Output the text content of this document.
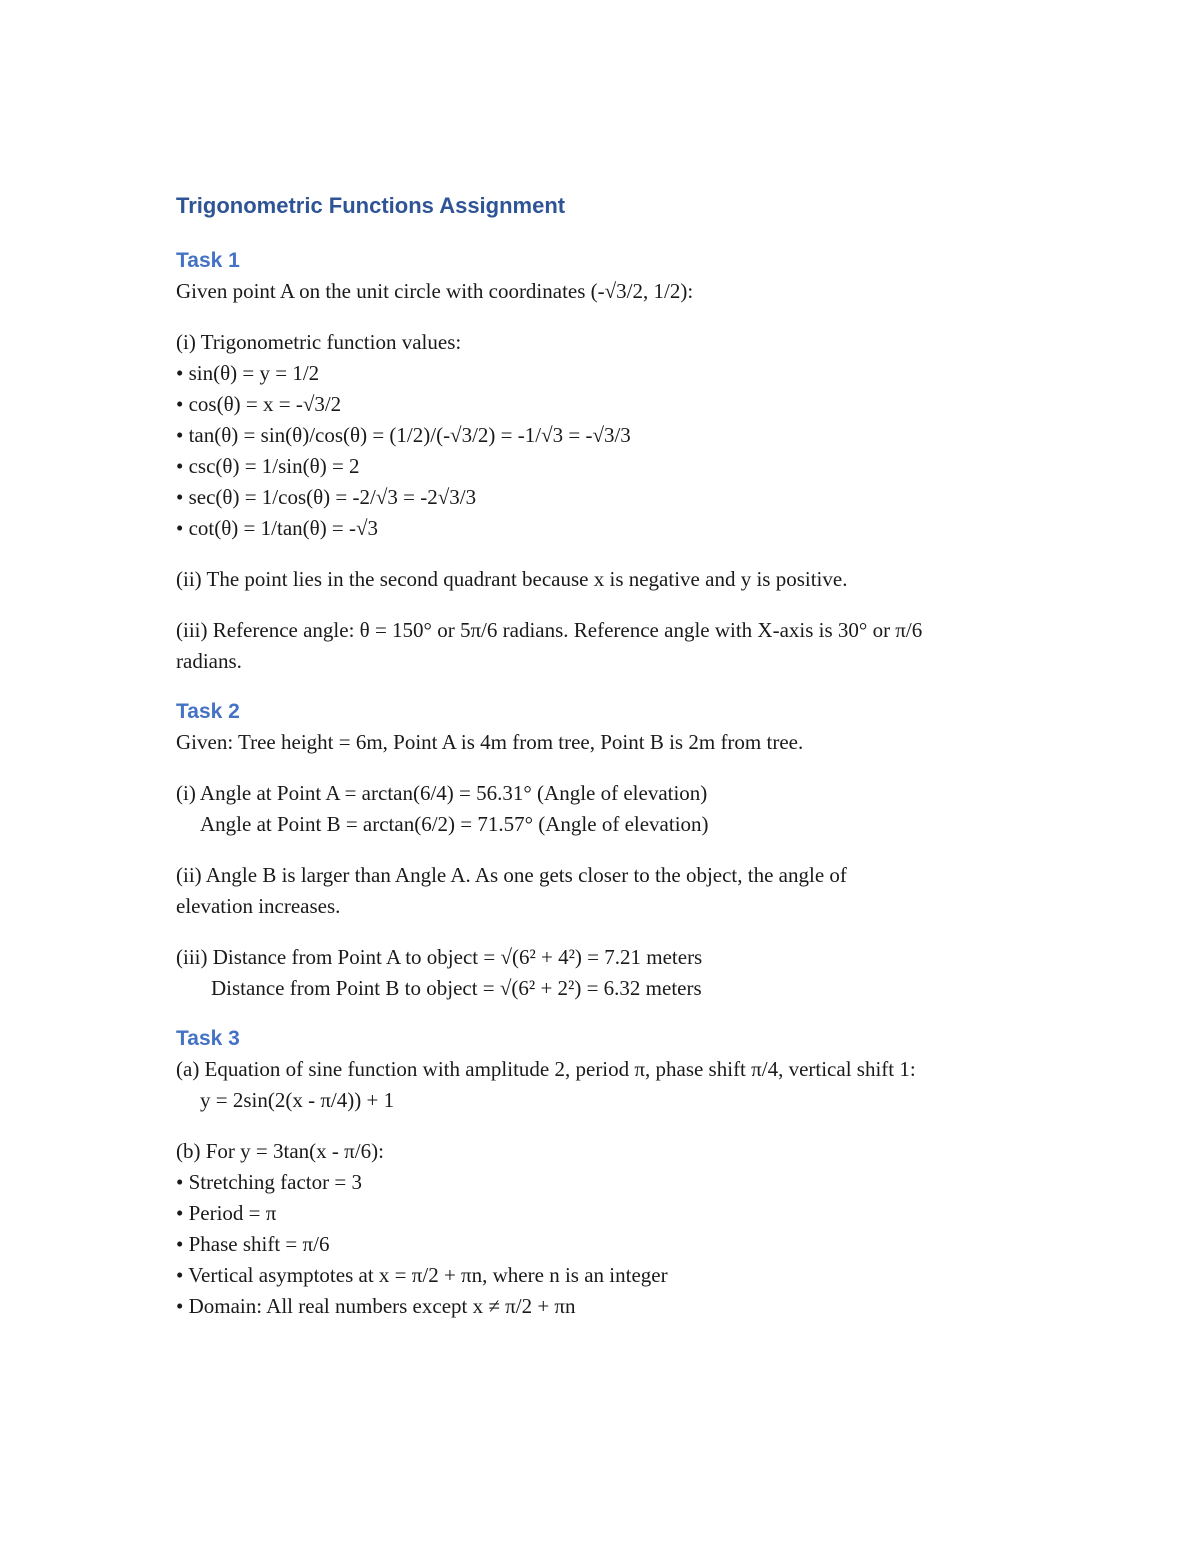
Trigonometric Functions Assignment
Task 1

Given point A on the unit circle with coordinates (-√3/2, 1/2):

(i) Trigonometric function values:
• sin(θ) = y = 1/2
• cos(θ) = x = -√3/2
• tan(θ) = sin(θ)/cos(θ) = (1/2)/(-√3/2) = -1/√3 = -√3/3
• csc(θ) = 1/sin(θ) = 2
• sec(θ) = 1/cos(θ) = -2/√3 = -2√3/3
• cot(θ) = 1/tan(θ) = -√3

(ii) The point lies in the second quadrant because x is negative and y is positive.

(iii) Reference angle: θ = 150° or 5π/6 radians. Reference angle with X-axis is 30° or π/6
radians.

Task 2

Given: Tree height = 6m, Point A is 4m from tree, Point B is 2m from tree.

(i) Angle at Point A = arctan(6/4) = 56.31° (Angle of elevation)
Angle at Point B = arctan(6/2) = 71.57° (Angle of elevation)

(ii) Angle B is larger than Angle A. As one gets closer to the object, the angle of
elevation increases.

(iii) Distance from Point A to object = √(6² + 4²) = 7.21 meters
Distance from Point B to object = √(6² + 2²) = 6.32 meters

Task 3

(a) Equation of sine function with amplitude 2, period π, phase shift π/4, vertical shift 1:
y = 2sin(2(x - π/4)) + 1

(b) For y = 3tan(x - π/6):
• Stretching factor = 3
• Period = π
• Phase shift = π/6
• Vertical asymptotes at x = π/2 + πn, where n is an integer
• Domain: All real numbers except x ≠ π/2 + πn
